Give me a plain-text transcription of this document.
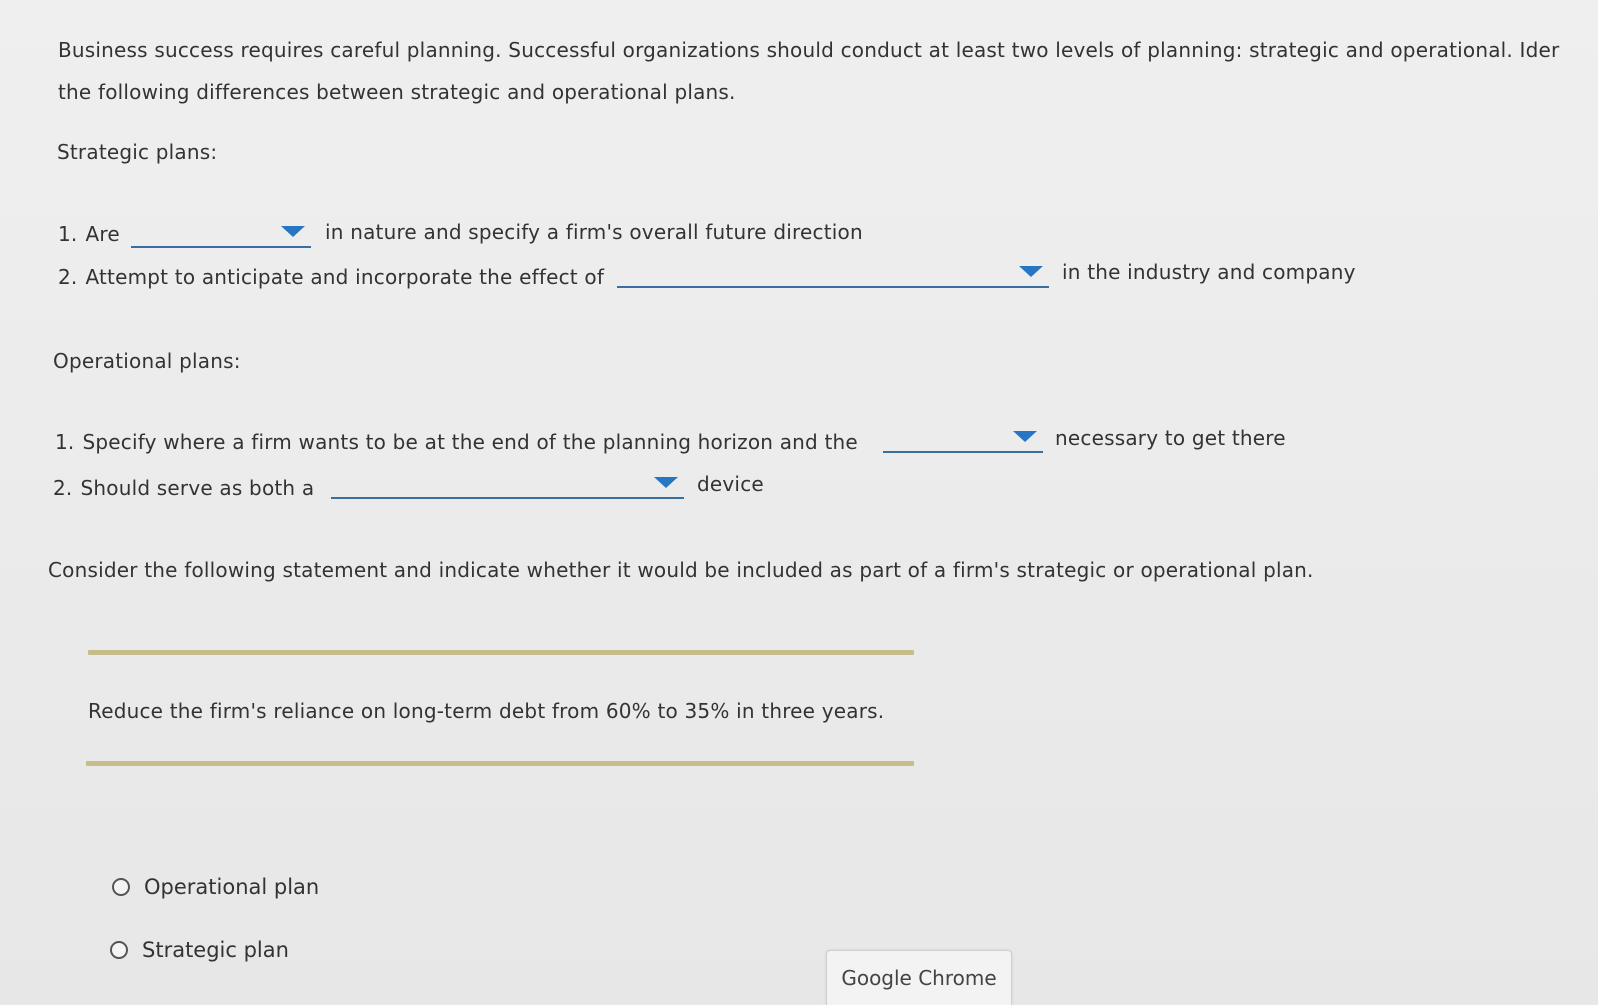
Business success requires careful planning. Successful organizations should conduct at least two levels of planning: strategic and operational. Ider
the following differences between strategic and operational plans.
Strategic plans:
1. Are	in nature and specify a firm's overall future direction
2. Attempt to anticipate and incorporate the effect of	in the industry and company
Operational plans:
1. Specify where a firm wants to be at the end of the planning horizon and the	necessary to get there
2. Should serve as both a	device
Consider the following statement and indicate whether it would be included as part of a firm's strategic or operational plan.
Reduce the firm's reliance on long-term debt from 60% to 35% in three years.
Operational plan
Strategic plan
Google Chrome
